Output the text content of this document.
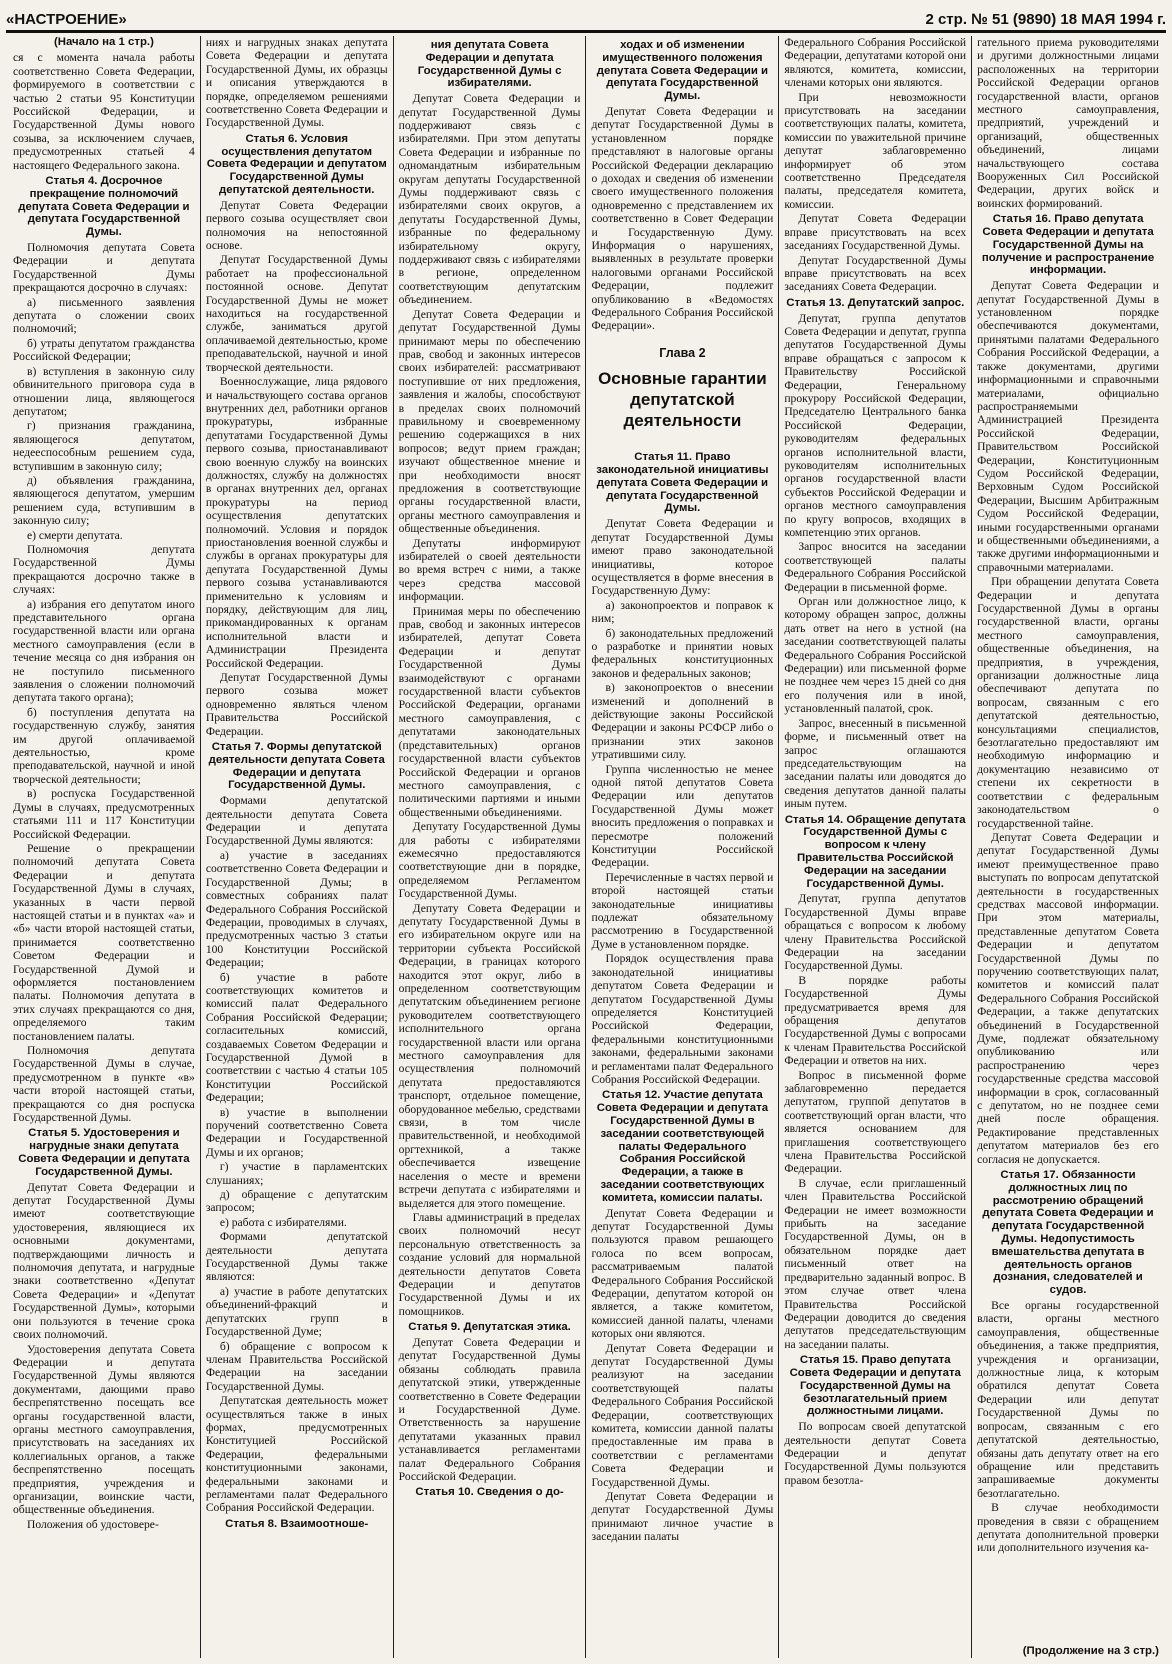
«НАСТРОЕНИЕ»	2 стр. № 51 (9890) 18 МАЯ 1994 г.
(Начало на 1 стр.)

ся с момента начала работы соответственно Совета Федерации, формируемого в соответствии с частью 2 статьи 95 Конституции Российской Федерации, и Государственной Думы нового созыва, за исключением случаев, предусмотренных статьей 4 настоящего Федерального закона.

Статья 4. Досрочное прекращение полномочий депутата Совета Федерации и депутата Государственной Думы.

Полномочия депутата Совета Федерации и депутата Государственной Думы прекращаются досрочно в случаях:

а) письменного заявления депутата о сложении своих полномочий;

б) утраты депутатом гражданства Российской Федерации;

в) вступления в законную силу обвинительного приговора суда в отношении лица, являющегося депутатом;

г) признания гражданина, являющегося депутатом, недееспособным решением суда, вступившим в законную силу;

д) объявления гражданина, являющегося депутатом, умершим решением суда, вступившим в законную силу;

е) смерти депутата.

Полномочия депутата Государственной Думы прекращаются досрочно также в случаях:

а) избрания его депутатом иного представительного органа государственной власти или органа местного самоуправления (если в течение месяца со дня избрания он не поступило письменного заявления о сложении полномочий депутата такого органа);

б) поступления депутата на государственную службу, занятия им другой оплачиваемой деятельностью, кроме преподавательской, научной и иной творческой деятельности;

в) роспуска Государственной Думы в случаях, предусмотренных статьями 111 и 117 Конституции Российской Федерации.

Решение о прекращении полномочий депутата Совета Федерации и депутата Государственной Думы в случаях, указанных в части первой настоящей статьи и в пунктах «а» и «б» части второй настоящей статьи, принимается соответственно Советом Федерации и Государственной Думой и оформляется постановлением палаты. Полномочия депутата в этих случаях прекращаются со дня, определяемого таким постановлением палаты.

Полномочия депутата Государственной Думы в случае, предусмотренном в пункте «в» части второй настоящей статьи, прекращаются со дня роспуска Государственной Думы.

Статья 5. Удостоверения и нагрудные знаки депутата Совета Федерации и депутата Государственной Думы.

Депутат Совета Федерации и депутат Государственной Думы имеют соответствующие удостоверения, являющиеся их основными документами, подтверждающими личность и полномочия депутата, и нагрудные знаки соответственно «Депутат Совета Федерации» и «Депутат Государственной Думы», которыми они пользуются в течение срока своих полномочий.

Удостоверения депутата Совета Федерации и депутата Государственной Думы являются документами, дающими право беспрепятственно посещать все органы государственной власти, органы местного самоуправления, присутствовать на заседаниях их коллегиальных органов, а также беспрепятственно посещать предприятия, учреждения и организации, воинские части, общественные объединения.

Положения об удостовере-

ниях и нагрудных знаках депутата Совета Федерации и депутата Государственной Думы, их образцы и описания утверждаются в порядке, определяемом решениями соответственно Совета Федерации и Государственной Думы.

Статья 6. Условия осуществления депутатом Совета Федерации и депутатом Государственной Думы депутатской деятельности.

Депутат Совета Федерации первого созыва осуществляет свои полномочия на непостоянной основе.

Депутат Государственной Думы работает на профессиональной постоянной основе. Депутат Государственной Думы не может находиться на государственной службе, заниматься другой оплачиваемой деятельностью, кроме преподавательской, научной и иной творческой деятельности.

Военнослужащие, лица рядового и начальствующего состава органов внутренних дел, работники органов прокуратуры, избранные депутатами Государственной Думы первого созыва, приостанавливают свою военную службу на воинских должностях, службу на должностях в органах внутренних дел, органах прокуратуры на период осуществления депутатских полномочий. Условия и порядок приостановления военной службы и службы в органах прокуратуры для депутата Государственной Думы первого созыва устанавливаются применительно к условиям и порядку, действующим для лиц, прикомандированных к органам исполнительной власти и Администрации Президента Российской Федерации.

Депутат Государственной Думы первого созыва может одновременно являться членом Правительства Российской Федерации.

Статья 7. Формы депутатской деятельности депутата Совета Федерации и депутата Государственной Думы.

Формами депутатской деятельности депутата Совета Федерации и депутата Государственной Думы являются:

а) участие в заседаниях соответственно Совета Федерации и Государственной Думы; в совместных собраниях палат Федерального Собрания Российской Федерации, проводимых в случаях, предусмотренных частью 3 статьи 100 Конституции Российской Федерации;

б) участие в работе соответствующих комитетов и комиссий палат Федерального Собрания Российской Федерации; согласительных комиссий, создаваемых Советом Федерации и Государственной Думой в соответствии с частью 4 статьи 105 Конституции Российской Федерации;

в) участие в выполнении поручений соответственно Совета Федерации и Государственной Думы и их органов;

г) участие в парламентских слушаниях;

д) обращение с депутатским запросом;

е) работа с избирателями.

Формами депутатской деятельности депутата Государственной Думы также являются:

а) участие в работе депутатских объединений-фракций и депутатских групп в Государственной Думе;

б) обращение с вопросом к членам Правительства Российской Федерации на заседании Государственной Думы.

Депутатская деятельность может осуществляться также в иных формах, предусмотренных Конституцией Российской Федерации, федеральными конституционными законами, федеральными законами и регламентами палат Федерального Собрания Российской Федерации.

Статья 8. Взаимоотноше-
ния депутата Совета Федерации и депутата Государственной Думы с избирателями.

Депутат Совета Федерации и депутат Государственной Думы поддерживают связь с избирателями. При этом депутаты Совета Федерации и избранные по одномандатным избирательным округам депутаты Государственной Думы поддерживают связь с избирателями своих округов, а депутаты Государственной Думы, избранные по федеральному избирательному округу, поддерживают связь с избирателями в регионе, определенном соответствующим депутатским объединением.

Депутат Совета Федерации и депутат Государственной Думы принимают меры по обеспечению прав, свобод и законных интересов своих избирателей: рассматривают поступившие от них предложения, заявления и жалобы, способствуют в пределах своих полномочий правильному и своевременному решению содержащихся в них вопросов; ведут прием граждан; изучают общественное мнение и при необходимости вносят предложения в соответствующие органы государственной власти, органы местного самоуправления и общественные объединения.

Депутаты информируют избирателей о своей деятельности во время встреч с ними, а также через средства массовой информации.

Принимая меры по обеспечению прав, свобод и законных интересов избирателей, депутат Совета Федерации и депутат Государственной Думы взаимодействуют с органами государственной власти субъектов Российской Федерации, органами местного самоуправления, с депутатами законодательных (представительных) органов государственной власти субъектов Российской Федерации и органов местного самоуправления, с политическими партиями и иными общественными объединениями.

Депутату Государственной Думы для работы с избирателями ежемесячно предоставляются соответствующие дни в порядке, определяемом Регламентом Государственной Думы.

Депутату Совета Федерации и депутату Государственной Думы в его избирательном округе или на территории субъекта Российской Федерации, в границах которого находится этот округ, либо в определенном соответствующим депутатским объединением регионе руководителем соответствующего исполнительного органа государственной власти или органа местного самоуправления для осуществления полномочий депутата предоставляются транспорт, отдельное помещение, оборудованное мебелью, средствами связи, в том числе правительственной, и необходимой оргтехникой, а также обеспечивается извещение населения о месте и времени встречи депутата с избирателями и выделяется для этого помещение.

Главы администраций в пределах своих полномочий несут персональную ответственность за создание условий для нормальной деятельности депутатов Совета Федерации и депутатов Государственной Думы и их помощников.

Статья 9. Депутатская этика.

Депутат Совета Федерации и депутат Государственной Думы обязаны соблюдать правила депутатской этики, утвержденные соответственно в Совете Федерации и Государственной Думе. Ответственность за нарушение депутатами указанных правил устанавливается регламентами палат Федерального Собрания Российской Федерации.

Статья 10. Сведения о до-
ходах и об изменении имущественного положения депутата Совета Федерации и депутата Государственной Думы.

Депутат Совета Федерации и депутат Государственной Думы в установленном порядке представляют в налоговые органы Российской Федерации декларацию о доходах и сведения об изменении своего имущественного положения одновременно с представлением их соответственно в Совет Федерации и Государственную Думу. Информация о нарушениях, выявленных в результате проверки налоговыми органами Российской Федерации, подлежит опубликованию в «Ведомостях Федерального Собрания Российской Федерации».

Глава 2
Основные гарантии депутатской деятельности
Статья 11. Право законодательной инициативы депутата Совета Федерации и депутата Государственной Думы.

Депутат Совета Федерации и депутат Государственной Думы имеют право законодательной инициативы, которое осуществляется в форме внесения в Государственную Думу:

а) законопроектов и поправок к ним;

б) законодательных предложений о разработке и принятии новых федеральных конституционных законов и федеральных законов;

в) законопроектов о внесении изменений и дополнений в действующие законы Российской Федерации и законы РСФСР либо о признании этих законов утратившими силу.

Группа численностью не менее одной пятой депутатов Совета Федерации или депутатов Государственной Думы может вносить предложения о поправках и пересмотре положений Конституции Российской Федерации.

Перечисленные в частях первой и второй настоящей статьи законодательные инициативы подлежат обязательному рассмотрению в Государственной Думе в установленном порядке.

Порядок осуществления права законодательной инициативы депутатом Совета Федерации и депутатом Государственной Думы определяется Конституцией Российской Федерации, федеральными конституционными законами, федеральными законами и регламентами палат Федерального Собрания Российской Федерации.

Статья 12. Участие депутата Совета Федерации и депутата Государственной Думы в заседании соответствующей палаты Федерального Собрания Российской Федерации, а также в заседании соответствующих комитета, комиссии палаты.

Депутат Совета Федерации и депутат Государственной Думы пользуются правом решающего голоса по всем вопросам, рассматриваемым палатой Федерального Собрания Российской Федерации, депутатом которой он является, а также комитетом, комиссией данной палаты, членами которых они являются.

Депутат Совета Федерации и депутат Государственной Думы реализуют на заседании соответствующей палаты Федерального Собрания Российской Федерации, соответствующих комитета, комиссии данной палаты предоставленные им права в соответствии с регламентами Совета Федерации и Государственной Думы.

Депутат Совета Федерации и депутат Государственной Думы принимают личное участие в заседании палаты

Федерального Собрания Российской Федерации, депутатами которой они являются, комитета, комиссии, членами которых они являются.

При невозможности присутствовать на заседании соответствующих палаты, комитета, комиссии по уважительной причине депутат заблаговременно информирует об этом соответственно Председателя палаты, председателя комитета, комиссии.

Депутат Совета Федерации вправе присутствовать на всех заседаниях Государственной Думы.

Депутат Государственной Думы вправе присутствовать на всех заседаниях Совета Федерации.

Статья 13. Депутатский запрос.

Депутат, группа депутатов Совета Федерации и депутат, группа депутатов Государственной Думы вправе обращаться с запросом к Правительству Российской Федерации, Генеральному прокурору Российской Федерации, Председателю Центрального банка Российской Федерации, руководителям федеральных органов исполнительной власти, руководителям исполнительных органов государственной власти субъектов Российской Федерации и органов местного самоуправления по кругу вопросов, входящих в компетенцию этих органов.

Запрос вносится на заседании соответствующей палаты Федерального Собрания Российской Федерации в письменной форме.

Орган или должностное лицо, к которому обращен запрос, должны дать ответ на него в устной (на заседании соответствующей палаты Федерального Собрания Российской Федерации) или письменной форме не позднее чем через 15 дней со дня его получения или в иной, установленный палатой, срок.

Запрос, внесенный в письменной форме, и письменный ответ на запрос оглашаются председательствующим на заседании палаты или доводятся до сведения депутатов данной палаты иным путем.

Статья 14. Обращение депутата Государственной Думы с вопросом к члену Правительства Российской Федерации на заседании Государственной Думы.

Депутат, группа депутатов Государственной Думы вправе обращаться с вопросом к любому члену Правительства Российской Федерации на заседании Государственной Думы.

В порядке работы Государственной Думы предусматривается время для обращения депутатов Государственной Думы с вопросами к членам Правительства Российской Федерации и ответов на них.

Вопрос в письменной форме заблаговременно передается депутатом, группой депутатов в соответствующий орган власти, что является основанием для приглашения соответствующего члена Правительства Российской Федерации.

В случае, если приглашенный член Правительства Российской Федерации не имеет возможности прибыть на заседание Государственной Думы, он в обязательном порядке дает письменный ответ на предварительно заданный вопрос. В этом случае ответ члена Правительства Российской Федерации доводится до сведения депутатов председательствующим на заседании палаты.

Статья 15. Право депутата Совета Федерации и депутата Государственной Думы на безотлагательный прием должностными лицами.

По вопросам своей депутатской деятельности депутат Совета Федерации и депутат Государственной Думы пользуются правом безотла-

гательного приема руководителями и другими должностными лицами расположенных на территории Российской Федерации органов государственной власти, органов местного самоуправления, предприятий, учреждений и организаций, общественных объединений, лицами начальствующего состава Вооруженных Сил Российской Федерации, других войск и воинских формирований.

Статья 16. Право депутата Совета Федерации и депутата Государственной Думы на получение и распространение информации.

Депутат Совета Федерации и депутат Государственной Думы в установленном порядке обеспечиваются документами, принятыми палатами Федерального Собрания Российской Федерации, а также документами, другими информационными и справочными материалами, официально распространяемыми Администрацией Президента Российской Федерации, Правительством Российской Федерации, Конституционным Судом Российской Федерации, Верховным Судом Российской Федерации, Высшим Арбитражным Судом Российской Федерации, иными государственными органами и общественными объединениями, а также другими информационными и справочными материалами.

При обращении депутата Совета Федерации и депутата Государственной Думы в органы государственной власти, органы местного самоуправления, общественные объединения, на предприятия, в учреждения, организации должностные лица обеспечивают депутата по вопросам, связанным с его депутатской деятельностью, консультациями специалистов, безотлагательно предоставляют им необходимую информацию и документацию независимо от степени их секретности в соответствии с федеральным законодательством о государственной тайне.

Депутат Совета Федерации и депутат Государственной Думы имеют преимущественное право выступать по вопросам депутатской деятельности в государственных средствах массовой информации. При этом материалы, представленные депутатом Совета Федерации и депутатом Государственной Думы по поручению соответствующих палат, комитетов и комиссий палат Федерального Собрания Российской Федерации, а также депутатских объединений в Государственной Думе, подлежат обязательному опубликованию или распространению через государственные средства массовой информации в срок, согласованный с депутатом, но не позднее семи дней после обращения. Редактирование представленных депутатом материалов без его согласия не допускается.

Статья 17. Обязанности должностных лиц по рассмотрению обращений депутата Совета Федерации и депутата Государственной Думы. Недопустимость вмешательства депутата в деятельность органов дознания, следователей и судов.

Все органы государственной власти, органы местного самоуправления, общественные объединения, а также предприятия, учреждения и организации, должностные лица, к которым обратился депутат Совета Федерации или депутат Государственной Думы по вопросам, связанным с его депутатской деятельностью, обязаны дать депутату ответ на его обращение или представить запрашиваемые документы безотлагательно.

В случае необходимости проведения в связи с обращением депутата дополнительной проверки или дополнительного изучения ка-

(Продолжение на 3 стр.)
